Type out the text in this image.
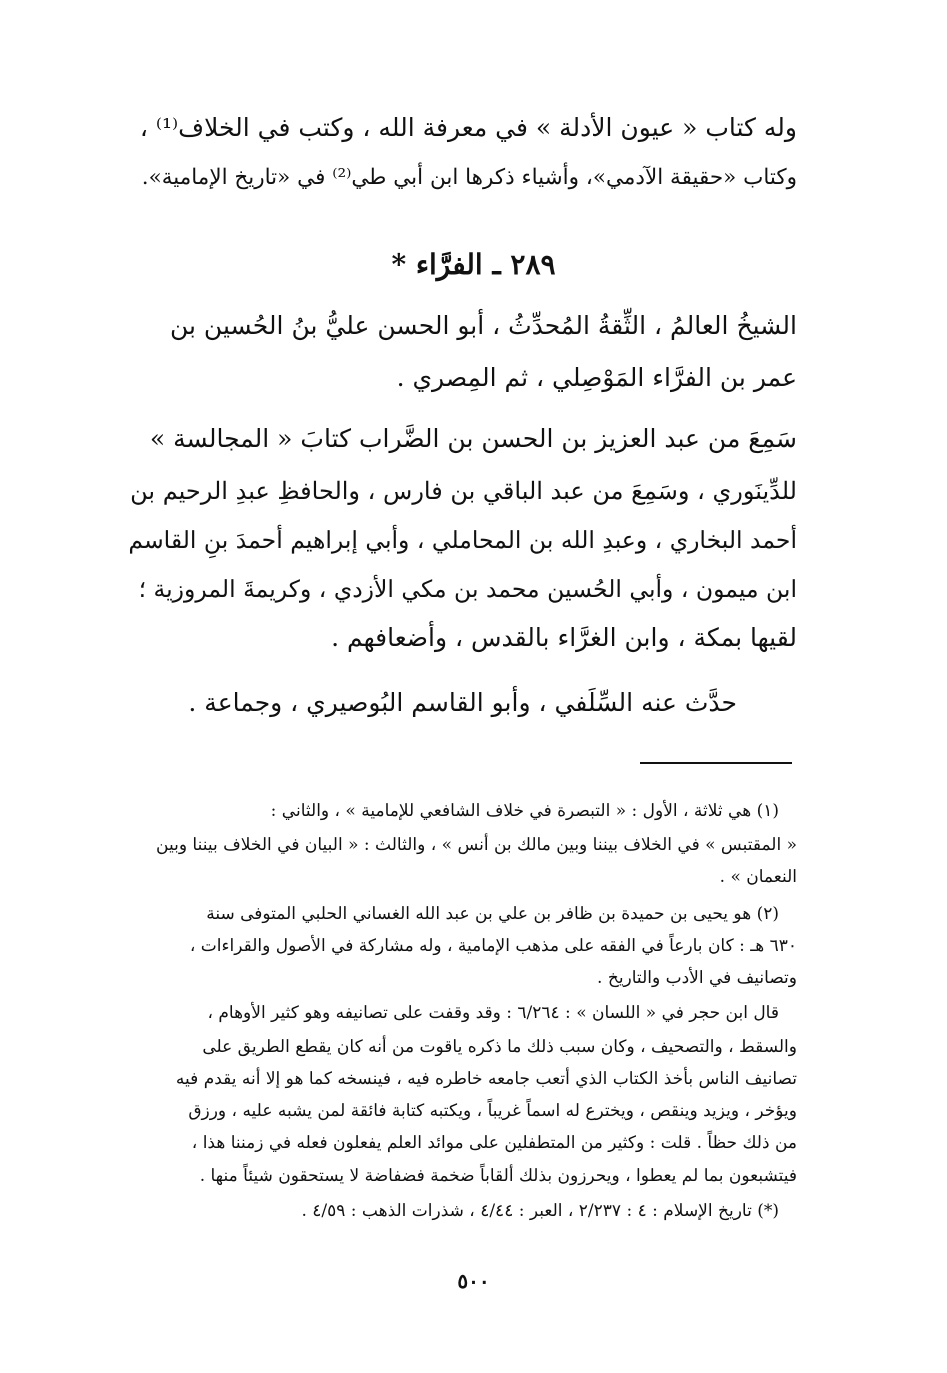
وله كتاب « عيون الأدلة » في معرفة الله ، وكتب في الخلاف⁽¹⁾ ،
وكتاب «حقيقة الآدمي»، وأشياء ذكرها ابن أبي طي⁽²⁾ في «تاريخ الإمامية».
٢٨٩ ـ الفرَّاء *
الشيخُ العالمُ ، الثِّقةُ المُحدِّثُ ، أبو الحسن عليُّ بنُ الحُسين بن
عمر بن الفرَّاء المَوْصِلي ، ثم المِصري .
سَمِعَ من عبد العزيز بن الحسن بن الضَّراب كتابَ « المجالسة »
للدِّينَوري ، وسَمِعَ من عبد الباقي بن فارس ، والحافظِ عبدِ الرحيم بن
أحمد البخاري ، وعبدِ الله بن المحاملي ، وأبي إبراهيم أحمدَ بنِ القاسم
ابن ميمون ، وأبي الحُسين محمد بن مكي الأزدي ، وكريمةَ المروزية ؛
لقيها بمكة ، وابن الغرَّاء بالقدس ، وأضعافهم .
حدَّث عنه السِّلَفي ، وأبو القاسم البُوصيري ، وجماعة .
(١) هي ثلاثة ، الأول : « التبصرة في خلاف الشافعي للإمامية » ، والثاني :
« المقتبس » في الخلاف بيننا وبين مالك بن أنس » ، والثالث : « البيان في الخلاف بيننا وبين
النعمان » .
(٢) هو يحيى بن حميدة بن ظافر بن علي بن عبد الله الغساني الحلبي المتوفى سنة
٦٣٠ هـ : كان بارعاً في الفقه على مذهب الإمامية ، وله مشاركة في الأصول والقراءات ،
وتصانيف في الأدب والتاريخ .
قال ابن حجر في « اللسان » : ٦/٢٦٤ : وقد وقفت على تصانيفه وهو كثير الأوهام ،
والسقط ، والتصحيف ، وكان سبب ذلك ما ذكره ياقوت من أنه كان يقطع الطريق على
تصانيف الناس بأخذ الكتاب الذي أتعب جامعه خاطره فيه ، فينسخه كما هو إلا أنه يقدم فيه
ويؤخر ، ويزيد وينقص ، ويخترع له اسماً غريباً ، ويكتبه كتابة فائقة لمن يشبه عليه ، ورزق
من ذلك حظاً . قلت : وكثير من المتطفلين على موائد العلم يفعلون فعله في زمننا هذا ،
فيتشبعون بما لم يعطوا ، ويحرزون بذلك ألقاباً ضخمة فضفاضة لا يستحقون شيئاً منها .
(*) تاريخ الإسلام : ٤ : ٢/٢٣٧ ، العبر : ٤/٤٤ ، شذرات الذهب : ٤/٥٩ .
٥٠٠
